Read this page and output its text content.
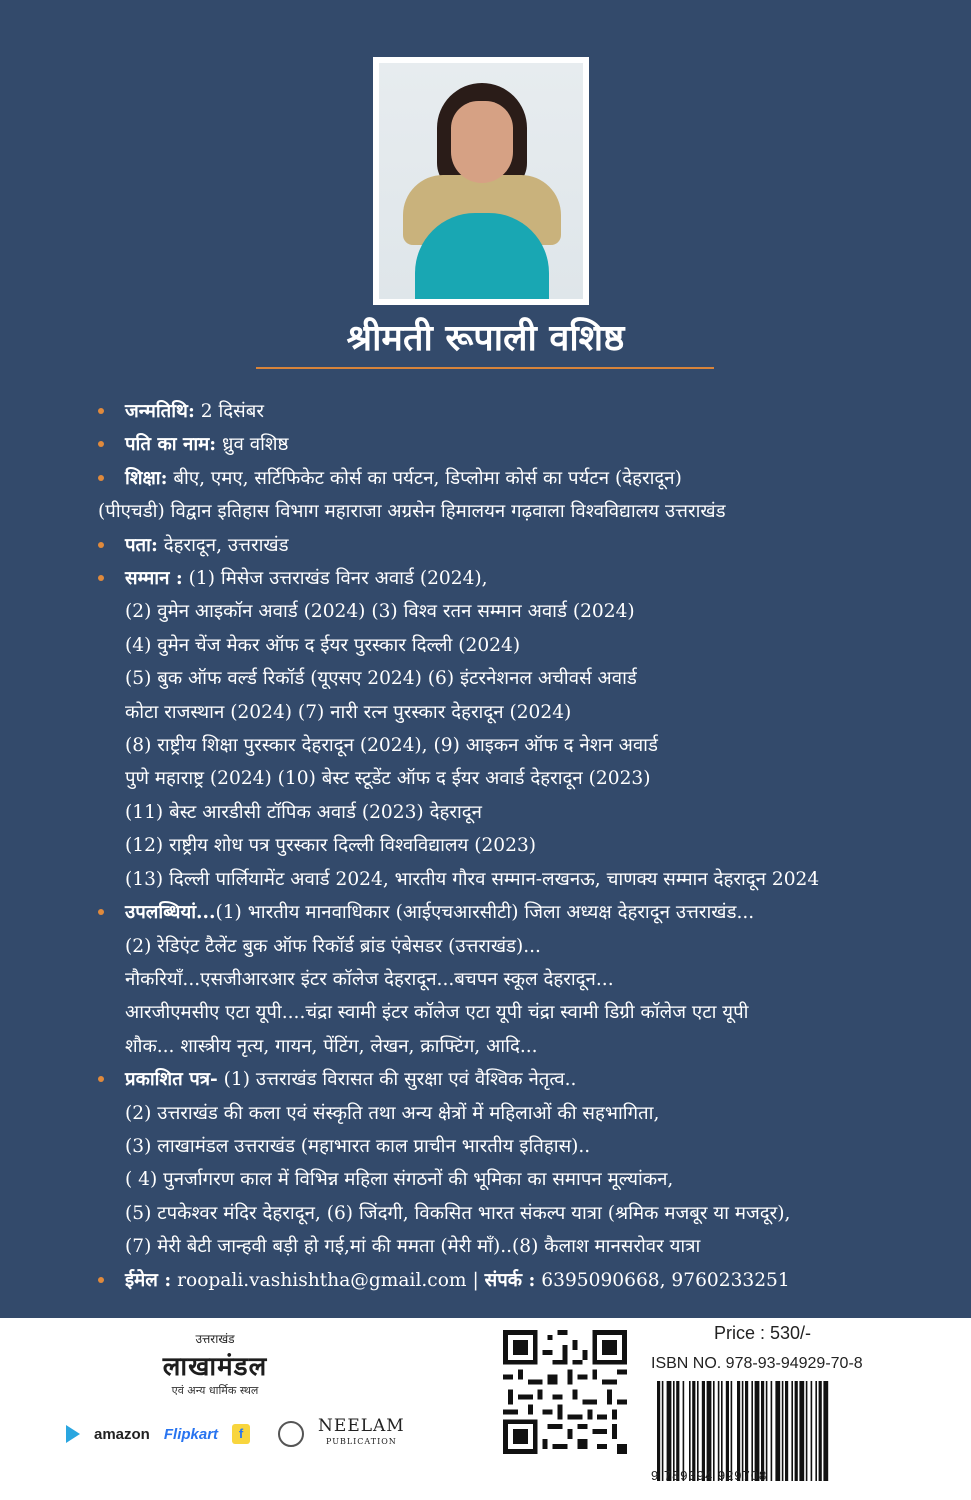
श्रीमती रूपाली वशिष्ठ
जन्मतिथि: 2 दिसंबर
पति का नाम: ध्रुव वशिष्ठ
शिक्षा: बीए, एमए, सर्टिफिकेट कोर्स का पर्यटन, डिप्लोमा कोर्स का पर्यटन (देहरादून)
(पीएचडी) विद्वान इतिहास विभाग महाराजा अग्रसेन हिमालयन गढ़वाला विश्वविद्यालय उत्तराखंड
पता: देहरादून, उत्तराखंड
सम्मान : (1) मिसेज उत्तराखंड विनर अवार्ड (2024),
(2) वुमेन आइकॉन अवार्ड (2024) (3) विश्व रतन सम्मान अवार्ड (2024)
(4) वुमेन चेंज मेकर ऑफ द ईयर पुरस्कार दिल्ली (2024)
(5) बुक ऑफ वर्ल्ड रिकॉर्ड (यूएसए 2024) (6) इंटरनेशनल अचीवर्स अवार्ड
कोटा राजस्थान (2024) (7) नारी रत्न पुरस्कार देहरादून (2024)
(8) राष्ट्रीय शिक्षा पुरस्कार देहरादून (2024), (9) आइकन ऑफ द नेशन अवार्ड
पुणे महाराष्ट्र (2024) (10) बेस्ट स्टूडेंट ऑफ द ईयर अवार्ड देहरादून (2023)
(11) बेस्ट आरडीसी टॉपिक अवार्ड (2023) देहरादून
(12) राष्ट्रीय शोध पत्र पुरस्कार दिल्ली विश्वविद्यालय (2023)
(13) दिल्ली पार्लियामेंट अवार्ड 2024, भारतीय गौरव सम्मान-लखनऊ, चाणक्य सम्मान देहरादून 2024
उपलब्धियां...(1) भारतीय मानवाधिकार (आईएचआरसीटी) जिला अध्यक्ष देहरादून उत्तराखंड...
(2) रेडिएंट टैलेंट बुक ऑफ रिकॉर्ड ब्रांड एंबेसडर (उत्तराखंड)...
नौकरियाँ...एसजीआरआर इंटर कॉलेज देहरादून...बचपन स्कूल देहरादून...
आरजीएमसीए एटा यूपी....चंद्रा स्वामी इंटर कॉलेज एटा यूपी चंद्रा स्वामी डिग्री कॉलेज एटा यूपी
शौक... शास्त्रीय नृत्य, गायन, पेंटिंग, लेखन, क्राफ्टिंग, आदि...
प्रकाशित पत्र- (1) उत्तराखंड विरासत की सुरक्षा एवं वैश्विक नेतृत्व..
(2) उत्तराखंड की कला एवं संस्कृति तथा अन्य क्षेत्रों में महिलाओं की सहभागिता,
(3) लाखामंडल उत्तराखंड (महाभारत काल प्राचीन भारतीय इतिहास)..
( 4) पुनर्जागरण काल में विभिन्न महिला संगठनों की भूमिका का समापन मूल्यांकन,
(5) टपकेश्वर मंदिर देहरादून, (6) जिंदगी, विकसित भारत संकल्प यात्रा (श्रमिक मजबूर या मजदूर),
(7) मेरी बेटी जान्हवी बड़ी हो गई,मां की ममता (मेरी माँ)..(8) कैलाश मानसरोवर यात्रा
ईमेल : roopali.vashishtha@gmail.com | संपर्क : 6395090668, 9760233251
उत्तराखंड
लाखामंडल
एवं अन्य धार्मिक स्थल
amazon Flipkart	f	NEELAM
PUBLICATION
Price : 530/-
ISBN NO. 978-93-94929-70-8
9 789394 929708
